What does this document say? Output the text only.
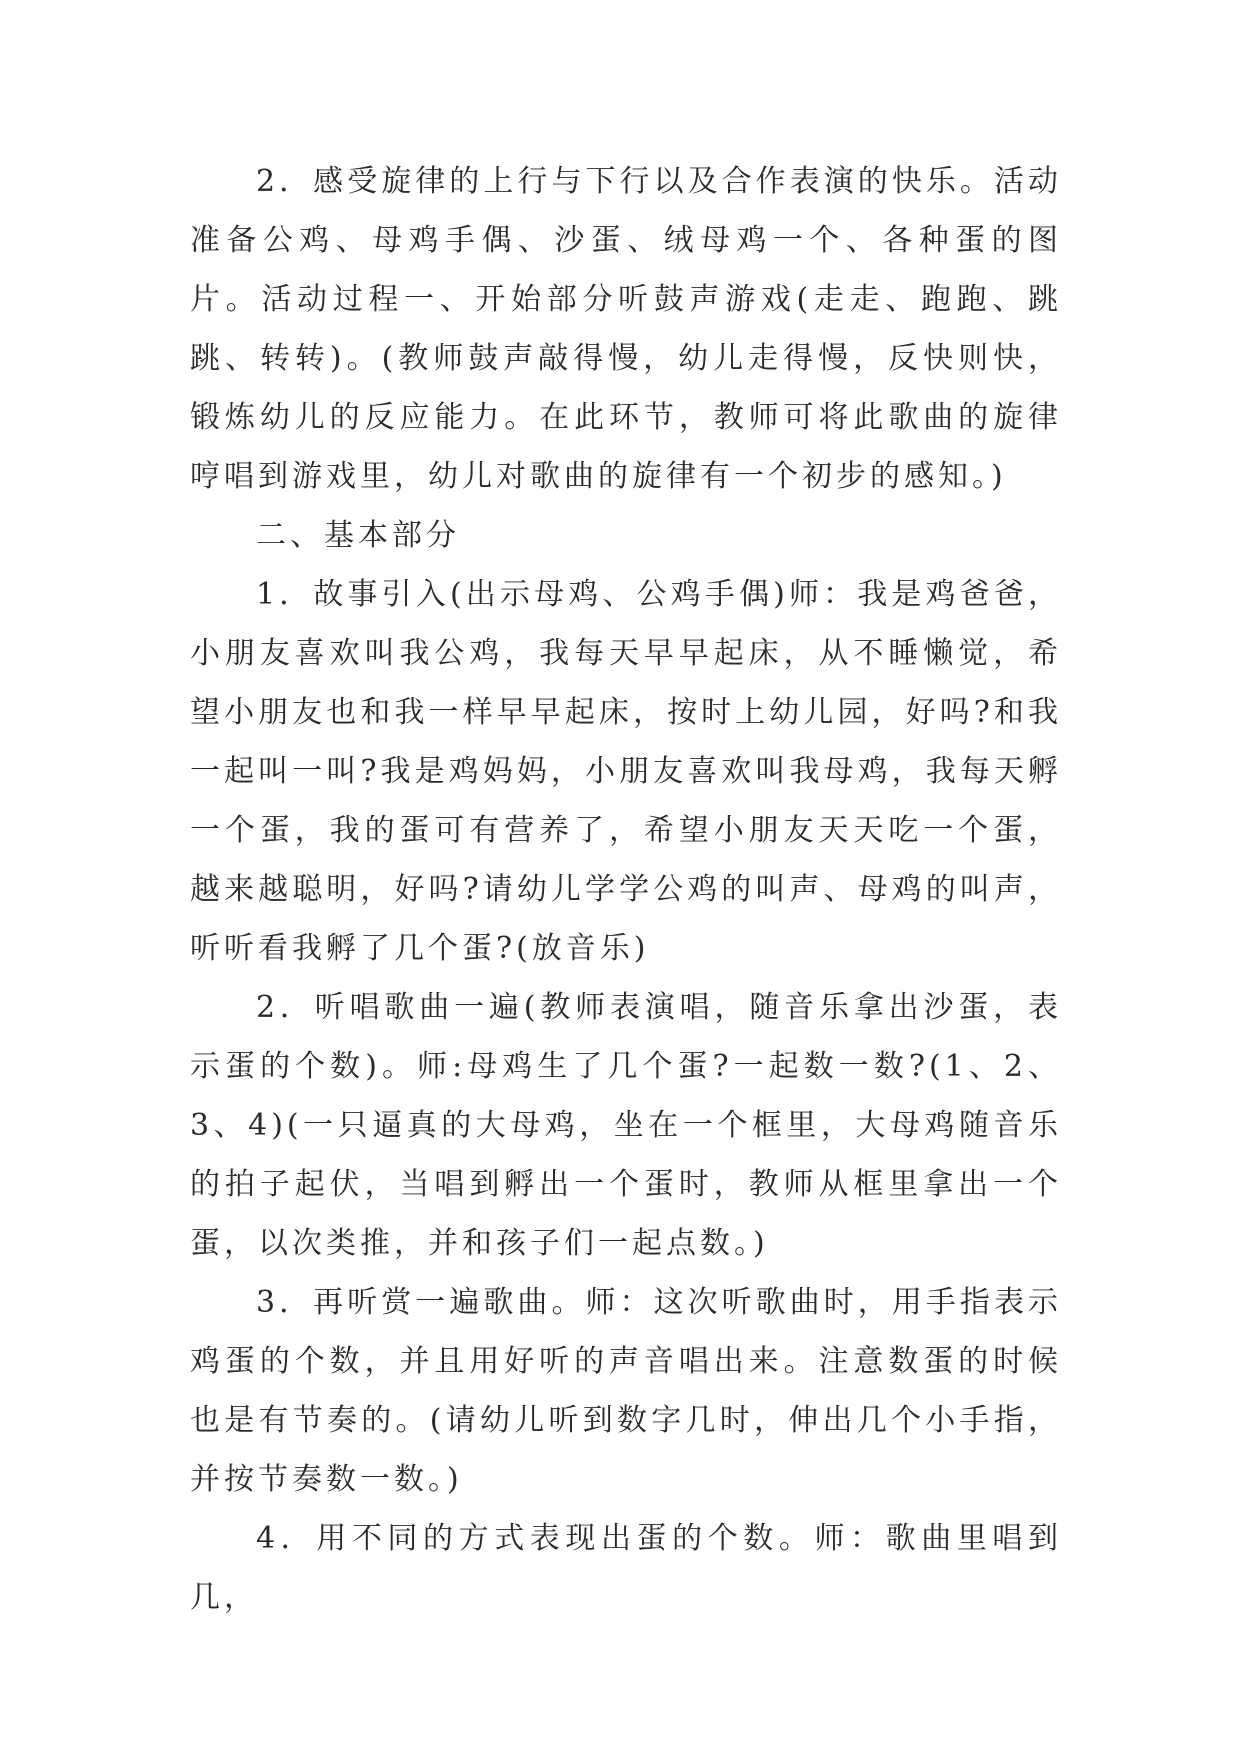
2．感受旋律的上行与下行以及合作表演的快乐。活动准备公鸡、母鸡手偶、沙蛋、绒母鸡一个、各种蛋的图片。活动过程一、开始部分听鼓声游戏(走走、跑跑、跳跳、转转)。(教师鼓声敲得慢，幼儿走得慢，反快则快，锻炼幼儿的反应能力。在此环节，教师可将此歌曲的旋律哼唱到游戏里，幼儿对歌曲的旋律有一个初步的感知。)

二、基本部分

1．故事引入(出示母鸡、公鸡手偶)师：我是鸡爸爸，小朋友喜欢叫我公鸡，我每天早早起床，从不睡懒觉，希望小朋友也和我一样早早起床，按时上幼儿园，好吗?和我一起叫一叫?我是鸡妈妈，小朋友喜欢叫我母鸡，我每天孵一个蛋，我的蛋可有营养了，希望小朋友天天吃一个蛋，越来越聪明，好吗?请幼儿学学公鸡的叫声、母鸡的叫声，听听看我孵了几个蛋?(放音乐)

2．听唱歌曲一遍(教师表演唱，随音乐拿出沙蛋，表示蛋的个数)。师:母鸡生了几个蛋?一起数一数?(1、2、3、4)(一只逼真的大母鸡，坐在一个框里，大母鸡随音乐的拍子起伏，当唱到孵出一个蛋时，教师从框里拿出一个蛋，以次类推，并和孩子们一起点数。)

3．再听赏一遍歌曲。师：这次听歌曲时，用手指表示鸡蛋的个数，并且用好听的声音唱出来。注意数蛋的时候也是有节奏的。(请幼儿听到数字几时，伸出几个小手指，并按节奏数一数。)

4．用不同的方式表现出蛋的个数。师：歌曲里唱到几，
